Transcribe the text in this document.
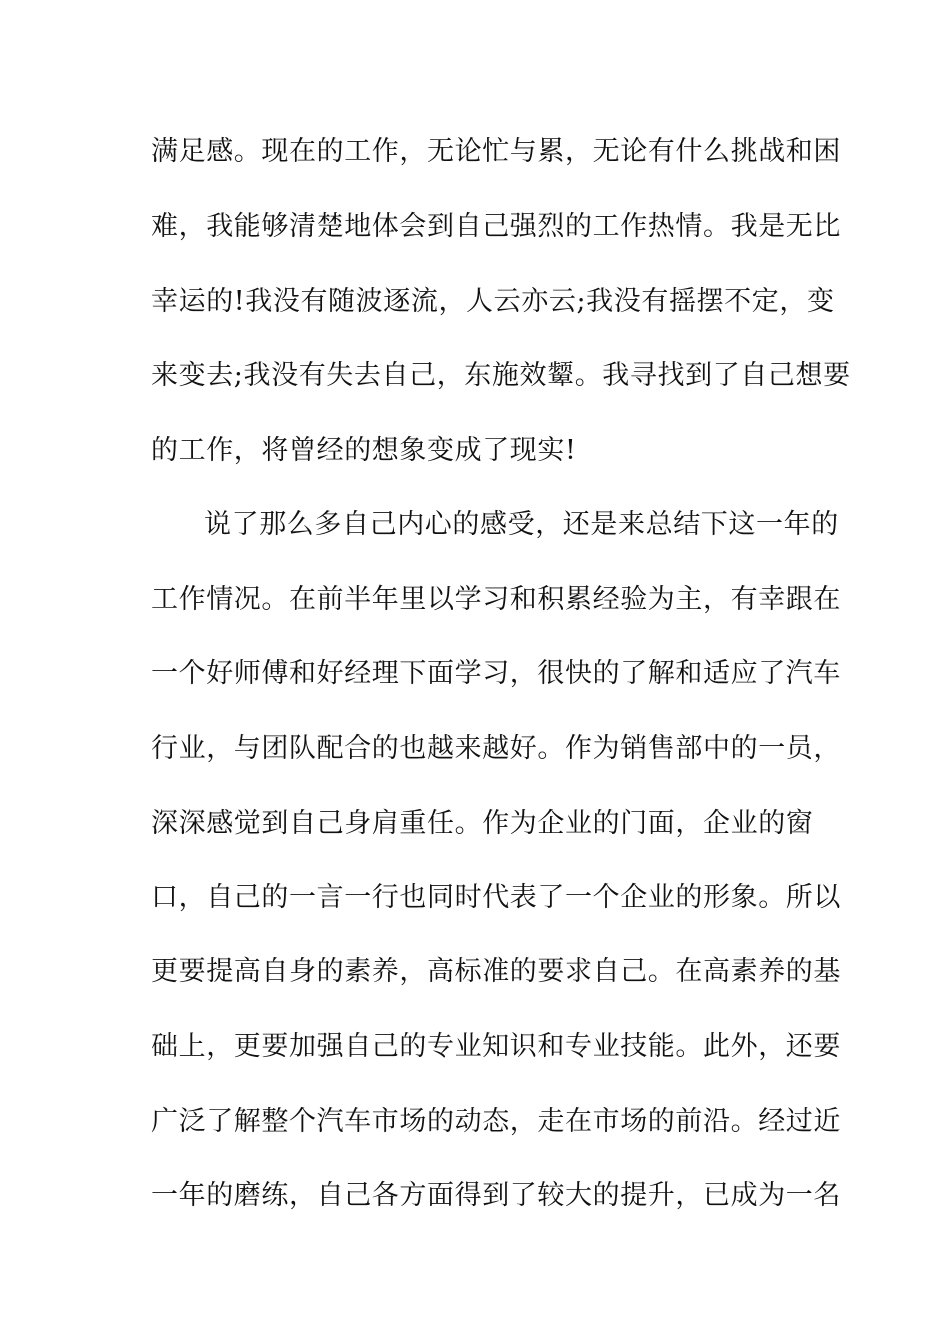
满足感。现在的工作，无论忙与累，无论有什么挑战和困
难，我能够清楚地体会到自己强烈的工作热情。我是无比
幸运的!我没有随波逐流，人云亦云;我没有摇摆不定，变
来变去;我没有失去自己，东施效颦。我寻找到了自己想要
的工作，将曾经的想象变成了现实!
说了那么多自己内心的感受，还是来总结下这一年的
工作情况。在前半年里以学习和积累经验为主，有幸跟在
一个好师傅和好经理下面学习，很快的了解和适应了汽车
行业，与团队配合的也越来越好。作为销售部中的一员，
深深感觉到自己身肩重任。作为企业的门面，企业的窗
口，自己的一言一行也同时代表了一个企业的形象。所以
更要提高自身的素养，高标准的要求自己。在高素养的基
础上，更要加强自己的专业知识和专业技能。此外，还要
广泛了解整个汽车市场的动态，走在市场的前沿。经过近
一年的磨练，自己各方面得到了较大的提升，已成为一名
